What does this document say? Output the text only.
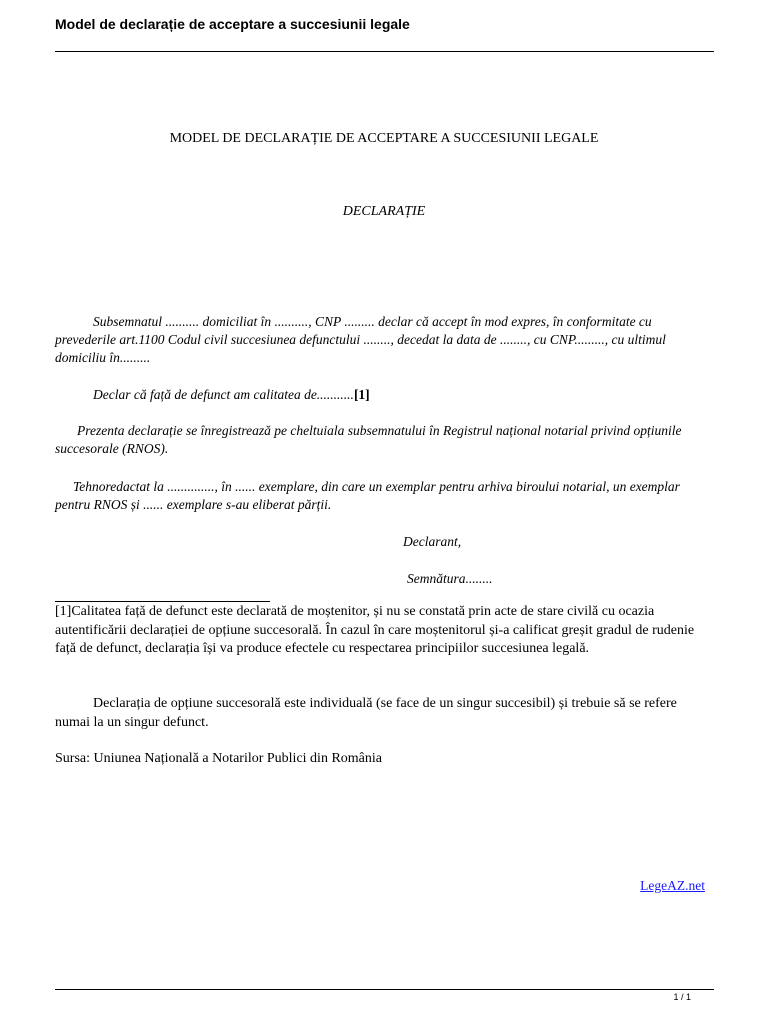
Model de declarație de acceptare a succesiunii legale
MODEL DE DECLARAȚIE DE ACCEPTARE A SUCCESIUNII LEGALE
DECLARAȚIE
Subsemnatul .......... domiciliat în .........., CNP ......... declar că accept în mod expres, în conformitate cu prevederile art.1100 Codul civil succesiunea defunctului ........, decedat la data de ........, cu CNP........., cu ultimul domiciliu în.........
Declar că față de defunct am calitatea de...........[1]
Prezenta declarație se înregistrează pe cheltuiala subsemnatului în Registrul național notarial privind opțiunile succesorale (RNOS).
Tehnoredactat la .............., în ...... exemplare, din care un exemplar pentru arhiva biroului notarial, un exemplar pentru RNOS și ...... exemplare s-au eliberat părții.
Declarant,
Semnătura........
[1]Calitatea față de defunct este declarată de moștenitor, și nu se constată prin acte de stare civilă cu ocazia autentificării declarației de opțiune succesorală. În cazul în care moștenitorul și-a calificat greșit gradul de rudenie față de defunct, declarația își va produce efectele cu respectarea principiilor succesiunea legală.
Declarația de opțiune succesorală este individuală (se face de un singur succesibil) și trebuie să se refere numai la un singur defunct.
Sursa: Uniunea Națională a Notarilor Publici din România
LegeAZ.net
1 / 1
